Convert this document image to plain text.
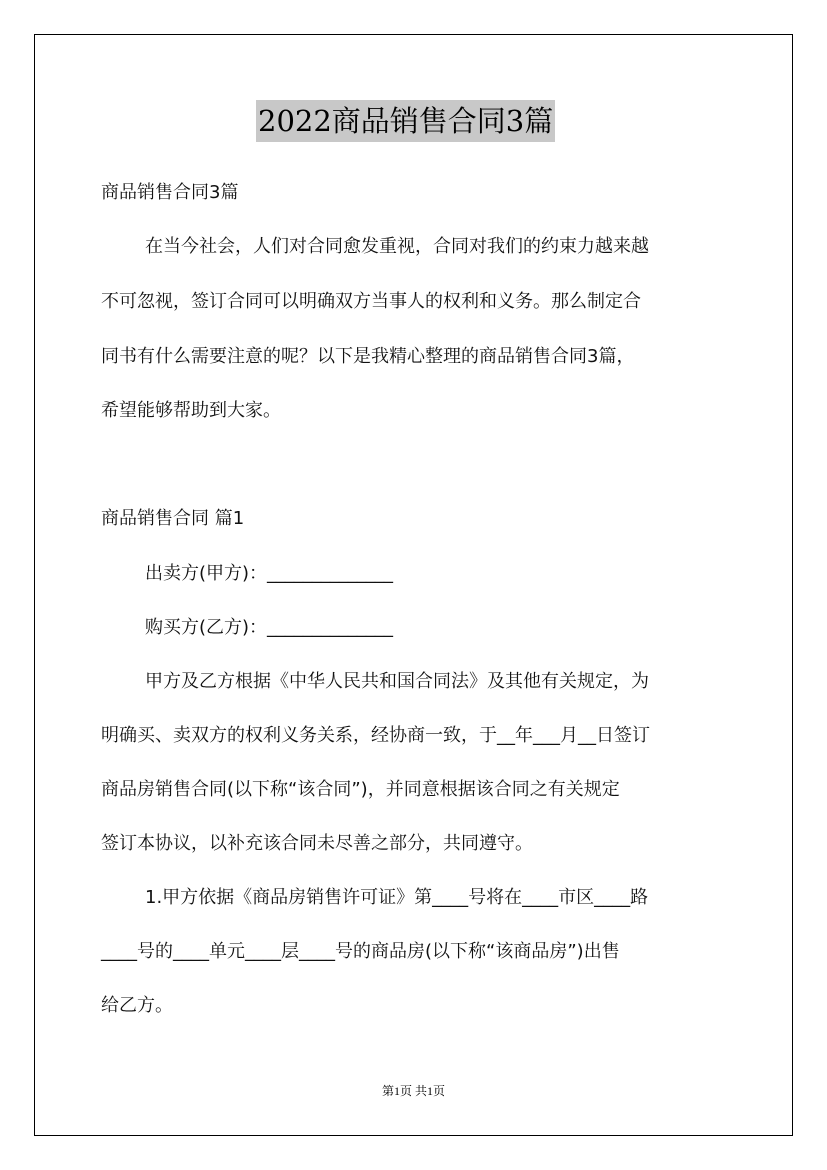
2022商品销售合同3篇
商品销售合同3篇
在当今社会，人们对合同愈发重视，合同对我们的约束力越来越
不可忽视，签订合同可以明确双方当事人的权利和义务。那么制定合
同书有什么需要注意的呢？以下是我精心整理的商品销售合同3篇，
希望能够帮助到大家。
商品销售合同 篇1
出卖方(甲方)：______________
购买方(乙方)：______________
甲方及乙方根据《中华人民共和国合同法》及其他有关规定，为
明确买、卖双方的权利义务关系，经协商一致，于__年___月__日签订
商品房销售合同(以下称“该合同”)，并同意根据该合同之有关规定
签订本协议，以补充该合同未尽善之部分，共同遵守。
1.甲方依据《商品房销售许可证》第____号将在____市区____路
____号的____单元____层____号的商品房(以下称“该商品房”)出售
给乙方。
第1页 共1页
